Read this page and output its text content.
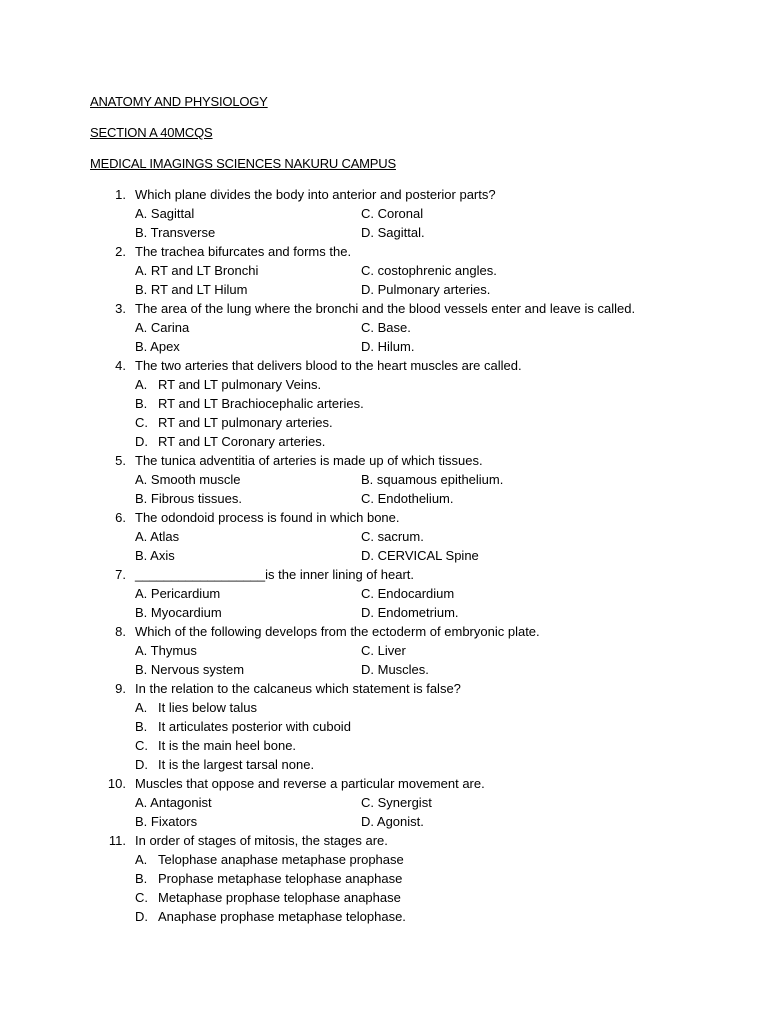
ANATOMY AND PHYSIOLOGY
SECTION A 40MCQS
MEDICAL IMAGINGS SCIENCES NAKURU CAMPUS
1. Which plane divides the body into anterior and posterior parts?
A. Sagittal	C. Coronal
B. Transverse	D. Sagittal.
2. The trachea bifurcates and forms the.
A. RT and LT Bronchi	C. costophrenic angles.
B. RT and LT Hilum	D. Pulmonary arteries.
3. The area of the lung where the bronchi and the blood vessels enter and leave is called.
A. Carina	C. Base.
B. Apex	D. Hilum.
4. The two arteries that delivers blood to the heart muscles are called.
A. RT and LT pulmonary Veins.
B. RT and LT Brachiocephalic arteries.
C. RT and LT pulmonary arteries.
D. RT and LT Coronary arteries.
5. The tunica adventitia of arteries is made up of which tissues.
A. Smooth muscle	B. squamous epithelium.
B. Fibrous tissues.	C. Endothelium.
6. The odondoid process is found in which bone.
A. Atlas	C. sacrum.
B. Axis	D. CERVICAL Spine
7. __________________is the inner lining of heart.
A. Pericardium	C. Endocardium
B. Myocardium	D. Endometrium.
8. Which of the following develops from the ectoderm of embryonic plate.
A. Thymus	C. Liver
B. Nervous system	D. Muscles.
9. In the relation to the calcaneus which statement is false?
A. It lies below talus
B. It articulates posterior with cuboid
C. It is the main heel bone.
D. It is the largest tarsal none.
10. Muscles that oppose and reverse a particular movement are.
A. Antagonist	C. Synergist
B. Fixators	D. Agonist.
11. In order of stages of mitosis, the stages are.
A. Telophase anaphase metaphase prophase
B. Prophase metaphase telophase anaphase
C. Metaphase prophase telophase anaphase
D. Anaphase prophase metaphase telophase.
